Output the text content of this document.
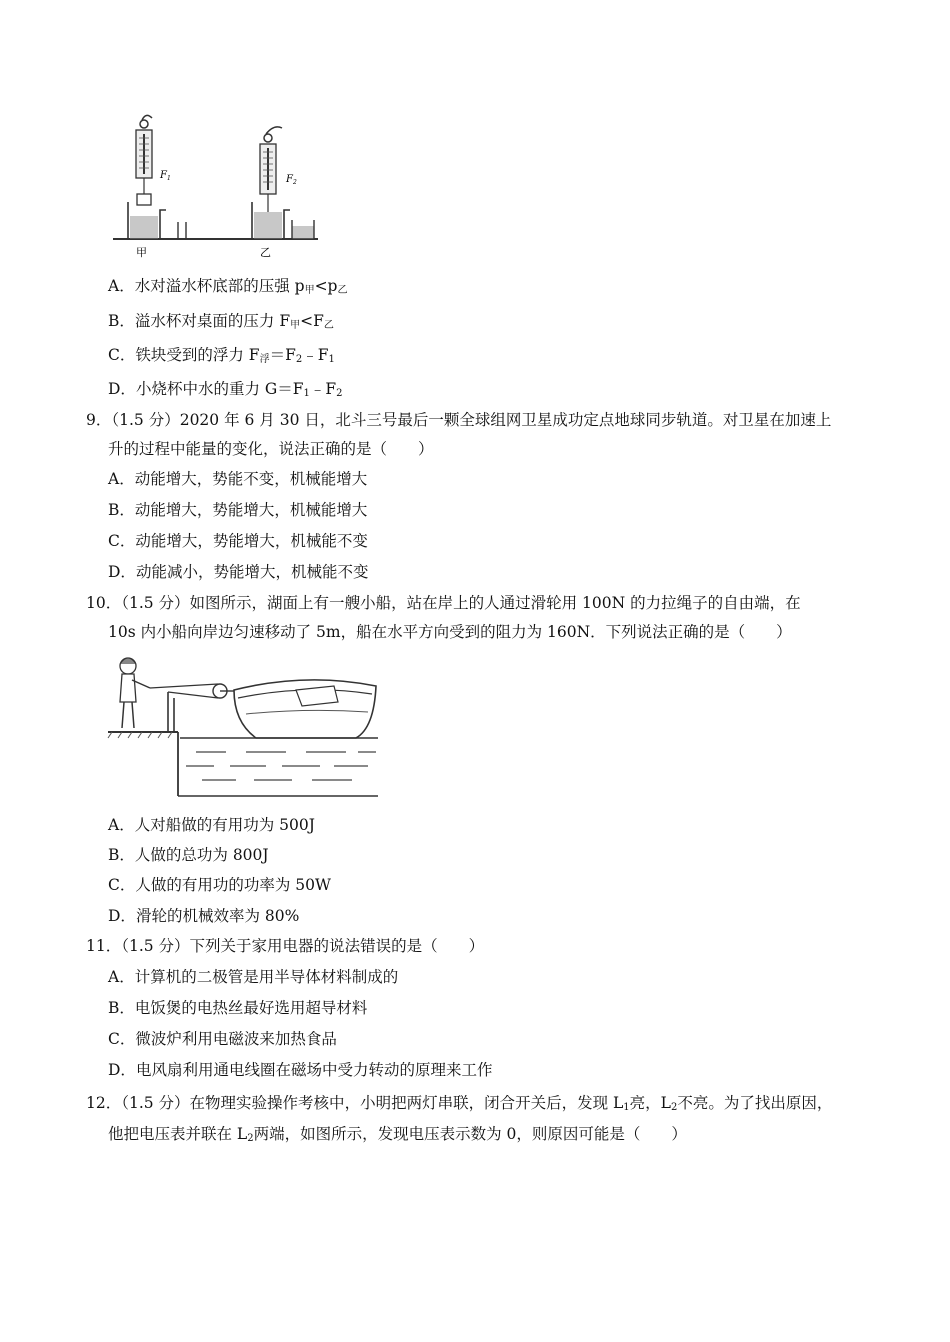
$F_1$
甲
$F_2$
乙
A．水对溢水杯底部的压强 $p_甲<p_乙$
B．溢水杯对桌面的压力 $F_甲<F_乙$
C．铁块受到的浮力 $F_浮=F_2﹣F_1$
D．小烧杯中水的重力 $G=F_1﹣F_2$
9．（1.5 分）2020 年 6 月 30 日，北斗三号最后一颗全球组网卫星成功定点地球同步轨道。对卫星在加速上
升的过程中能量的变化，说法正确的是（　　）
A．动能增大，势能不变，机械能增大
B．动能增大，势能增大，机械能增大
C．动能增大，势能增大，机械能不变
D．动能减小，势能增大，机械能不变
10．（1.5 分）如图所示，湖面上有一艘小船，站在岸上的人通过滑轮用 100N 的力拉绳子的自由端，在
10s 内小船向岸边匀速移动了 5m，船在水平方向受到的阻力为 160N．下列说法正确的是（　　）
A．人对船做的有用功为 500J
B．人做的总功为 800J
C．人做的有用功的功率为 50W
D．滑轮的机械效率为 80%
11．（1.5 分）下列关于家用电器的说法错误的是（　　）
A．计算机的二极管是用半导体材料制成的
B．电饭煲的电热丝最好选用超导材料
C．微波炉利用电磁波来加热食品
D．电风扇利用通电线圈在磁场中受力转动的原理来工作
12．（1.5 分）在物理实验操作考核中，小明把两灯串联，闭合开关后，发现 $L_1$亮，$L_2$不亮。为了找出原因，
他把电压表并联在 $L_2$两端，如图所示，发现电压表示数为 0，则原因可能是（　　）
